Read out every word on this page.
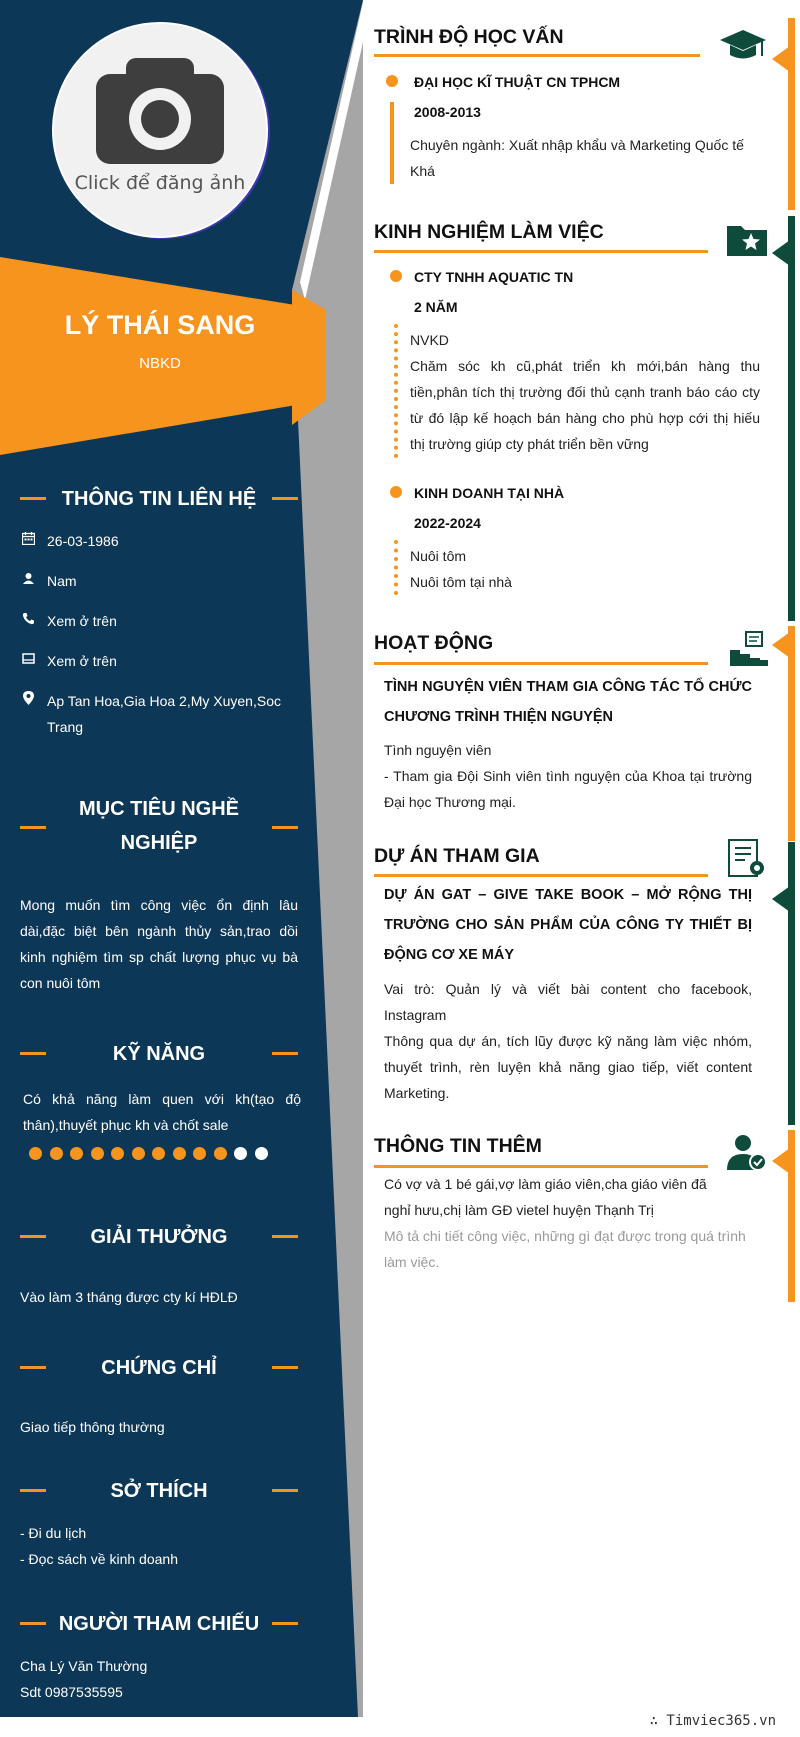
Click để đăng ảnh
LÝ THÁI SANG
NBKD
THÔNG TIN LIÊN HỆ
26-03-1986
Nam
Xem ở trên
Xem ở trên
Ap Tan Hoa,Gia Hoa 2,My Xuyen,Soc Trang
MỤC TIÊU NGHỀ
NGHIỆP
Mong muốn tìm công việc ổn định lâu dài,đặc biệt bên ngành thủy sản,trao dồi kinh nghiệm tìm sp chất lượng phục vụ bà con nuôi tôm
KỸ NĂNG
Có khả năng làm quen với kh(tạo độ thân),thuyết phục kh và chốt sale
GIẢI THƯỞNG
Vào làm 3 tháng được cty kí HĐLĐ
CHỨNG CHỈ
Giao tiếp thông thường
SỞ THÍCH
- Đi du lịch
- Đọc sách về kinh doanh
NGƯỜI THAM CHIẾU
Cha Lý Văn Thường
Sdt 0987535595
TRÌNH ĐỘ HỌC VẤN
ĐẠI HỌC KĨ THUẬT CN TPHCM
2008-2013
Chuyên ngành: Xuất nhập khẩu và Marketing Quốc tế
Khá
KINH NGHIỆM LÀM VIỆC
CTY TNHH AQUATIC TN
2 NĂM
NVKD
Chăm sóc kh cũ,phát triển kh mới,bán hàng thu tiền,phân tích thị trường đối thủ cạnh tranh báo cáo cty từ đó lập kế hoạch bán hàng cho phù hợp cới thị hiếu thị trường giúp cty phát triển bền vững
KINH DOANH TẠI NHÀ
2022-2024
Nuôi tôm
Nuôi tôm tại nhà
HOẠT ĐỘNG
TÌNH NGUYỆN VIÊN THAM GIA CÔNG TÁC TỔ CHỨC CHƯƠNG TRÌNH THIỆN NGUYỆN
Tình nguyện viên
- Tham gia Đội Sinh viên tình nguyện của Khoa tại trường Đại học Thương mại.
DỰ ÁN THAM GIA
DỰ ÁN GAT – GIVE TAKE BOOK – MỞ RỘNG THỊ TRƯỜNG CHO SẢN PHẨM CỦA CÔNG TY THIẾT BỊ ĐỘNG CƠ XE MÁY
Vai trò: Quản lý và viết bài content cho facebook, Instagram
Thông qua dự án, tích lũy được kỹ năng làm việc nhóm, thuyết trình, rèn luyện khả năng giao tiếp, viết content Marketing.
THÔNG TIN THÊM
Có vợ và 1 bé gái,vợ làm giáo viên,cha giáo viên đã nghỉ hưu,chị làm GĐ vietel huyện Thạnh Trị
Mô tả chi tiết công việc, những gì đạt được trong quá trình làm việc.
∴ Timviec365.vn
